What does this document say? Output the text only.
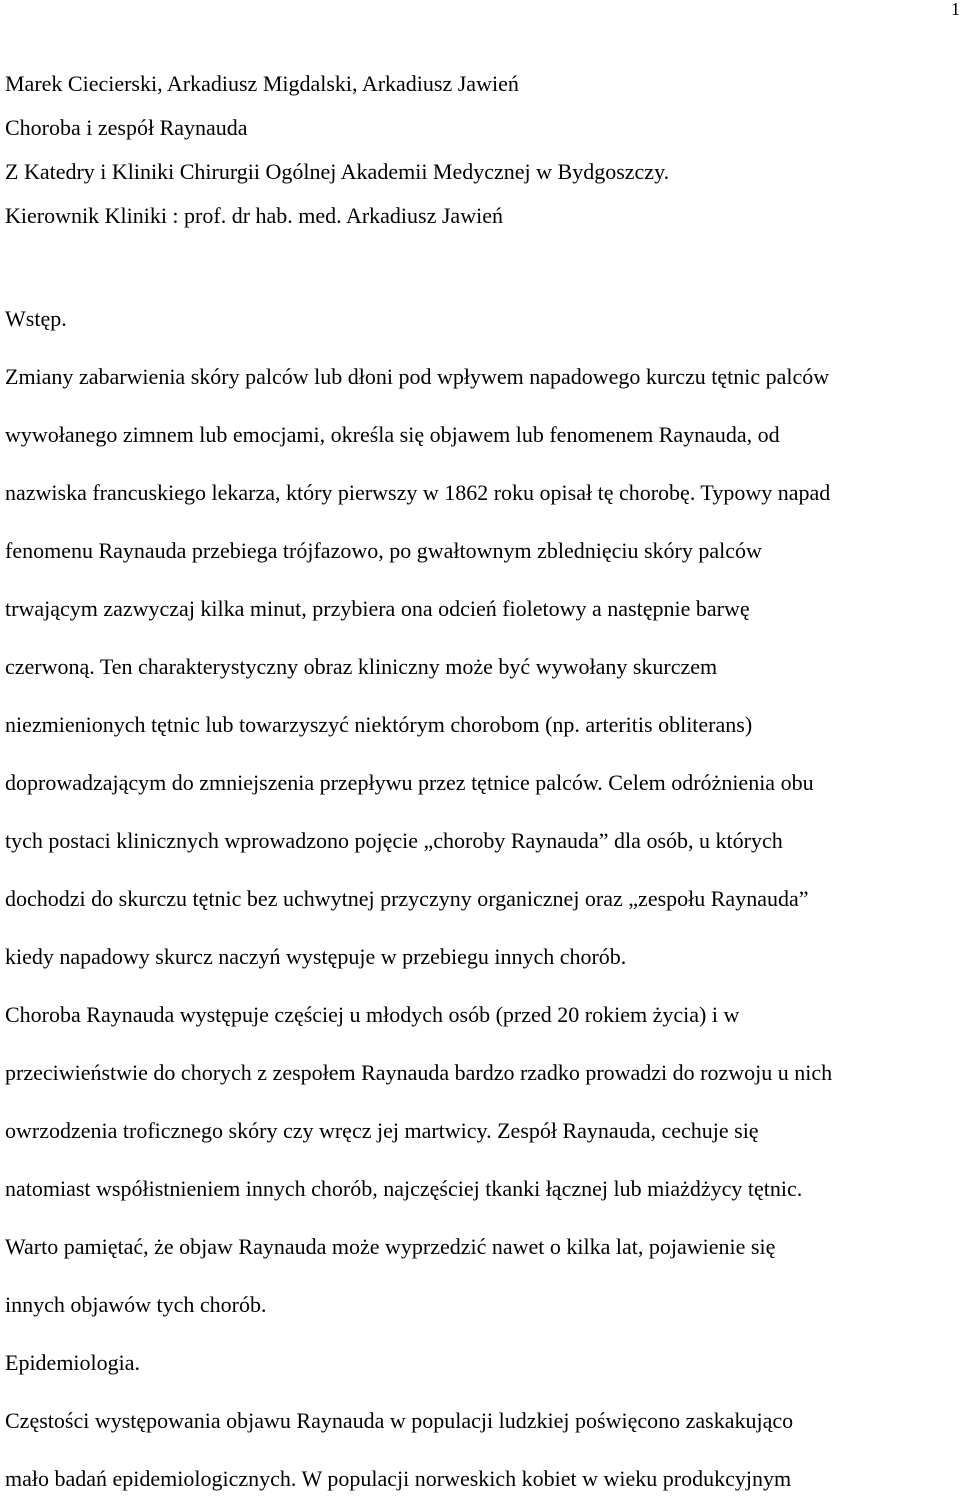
1
Marek Ciecierski, Arkadiusz Migdalski, Arkadiusz Jawień
Choroba i zespół Raynauda
Z Katedry i Kliniki Chirurgii Ogólnej Akademii Medycznej w Bydgoszczy.
Kierownik Kliniki : prof. dr hab. med. Arkadiusz Jawień
Wstęp.
Zmiany zabarwienia skóry palców lub dłoni pod wpływem napadowego kurczu tętnic palców
wywołanego zimnem lub emocjami, określa się objawem lub fenomenem Raynauda, od
nazwiska francuskiego lekarza, który pierwszy w 1862 roku opisał tę chorobę. Typowy napad
fenomenu Raynauda przebiega trójfazowo, po gwałtownym zblednięciu skóry palców
trwającym zazwyczaj kilka minut, przybiera ona odcień fioletowy a następnie barwę
czerwoną. Ten charakterystyczny obraz kliniczny może być wywołany skurczem
niezmienionych tętnic lub towarzyszyć niektórym chorobom (np. arteritis obliterans)
doprowadzającym do zmniejszenia przepływu przez tętnice palców. Celem odróżnienia obu
tych postaci klinicznych wprowadzono pojęcie „choroby Raynauda” dla osób, u których
dochodzi do skurczu tętnic bez uchwytnej przyczyny organicznej oraz „zespołu Raynauda”
kiedy napadowy skurcz naczyń występuje w przebiegu innych chorób.
Choroba Raynauda występuje częściej u młodych osób (przed 20 rokiem życia) i w
przeciwieństwie do chorych z zespołem Raynauda bardzo rzadko prowadzi do rozwoju u nich
owrzodzenia troficznego skóry czy wręcz jej martwicy. Zespół Raynauda, cechuje się
natomiast współistnieniem innych chorób, najczęściej tkanki łącznej lub miażdżycy tętnic.
Warto pamiętać, że objaw Raynauda może wyprzedzić nawet o kilka lat, pojawienie się
innych objawów tych chorób.
Epidemiologia.
Częstości występowania objawu Raynauda w populacji ludzkiej poświęcono zaskakująco
mało badań epidemiologicznych. W populacji norweskich kobiet w wieku produkcyjnym
